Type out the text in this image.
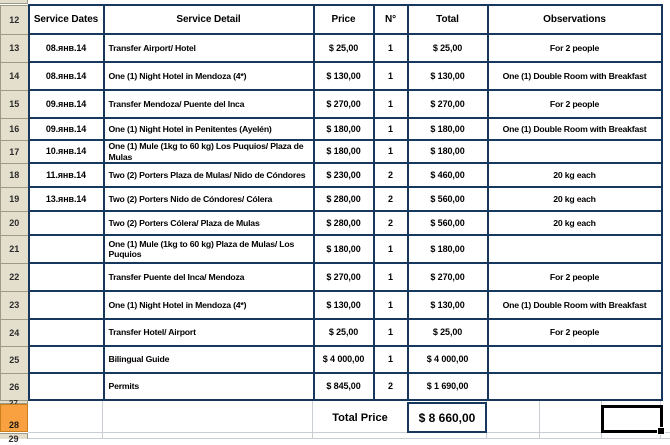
12	Service Dates	Service Detail	Price	N°	Total	Observations
13	08.янв.14	Transfer Airport/ Hotel	$ 25,00	1	$ 25,00	For 2 people
14	08.янв.14	One (1) Night Hotel in Mendoza (4*)	$ 130,00	1	$ 130,00	One (1) Double Room with Breakfast
15	09.янв.14	Transfer Mendoza/ Puente del Inca	$ 270,00	1	$ 270,00	For 2 people
16	09.янв.14	One (1) Night Hotel in Penitentes (Ayelén)	$ 180,00	1	$ 180,00	One (1) Double Room with Breakfast
17	10.янв.14	One (1) Mule (1kg to 60 kg) Los Puquios/ Plaza de Mulas	$ 180,00	1	$ 180,00	
18	11.янв.14	Two (2) Porters Plaza de Mulas/ Nido de Cóndores	$ 230,00	2	$ 460,00	20 kg each
19	13.янв.14	Two (2) Porters Nido de Cóndores/ Cólera	$ 280,00	2	$ 560,00	20 kg each
20		Two (2) Porters Cólera/ Plaza de Mulas	$ 280,00	2	$ 560,00	20 kg each
21		One (1) Mule (1kg to 60 kg) Plaza de Mulas/ Los Puquios	$ 180,00	1	$ 180,00	
22		Transfer Puente del Inca/ Mendoza	$ 270,00	1	$ 270,00	For 2 people
23		One (1) Night Hotel in Mendoza (4*)	$ 130,00	1	$ 130,00	One (1) Double Room with Breakfast
24		Transfer Hotel/ Airport	$ 25,00	1	$ 25,00	For 2 people
25		Bilingual Guide	$ 4 000,00	1	$ 4 000,00	
26		Permits	$ 845,00	2	$ 1 690,00	
28
Total Price	$ 8 660,00
29
